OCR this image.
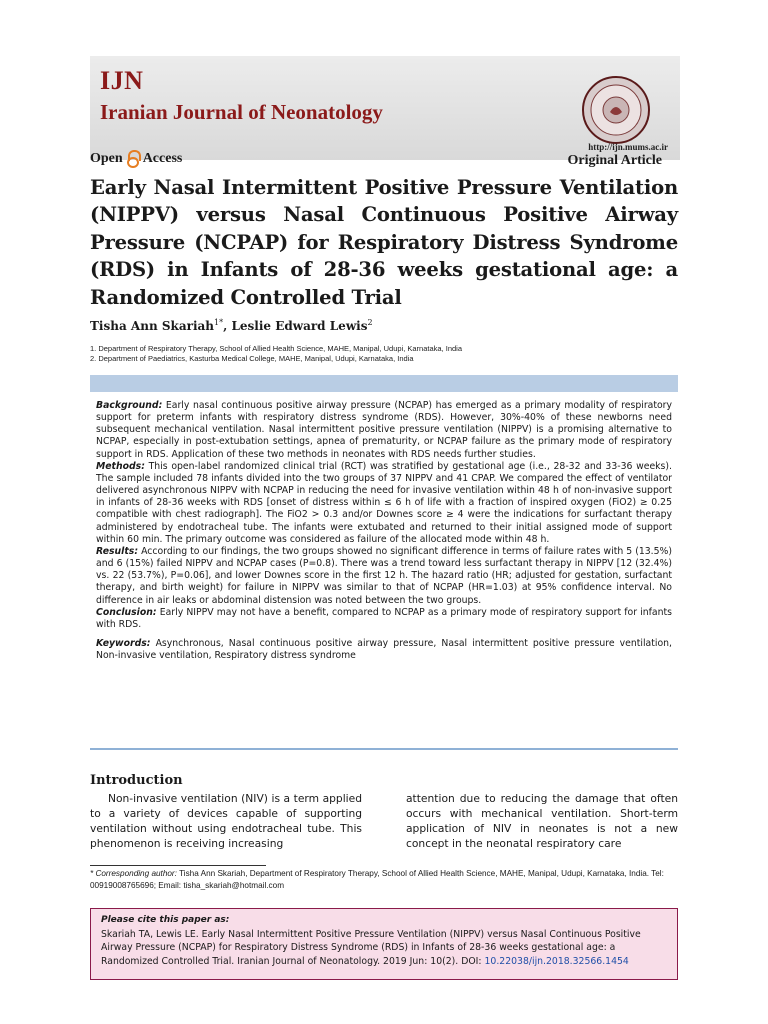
IJN
Iranian Journal of Neonatology
http://ijn.mums.ac.ir
Open Access	Original Article
Early Nasal Intermittent Positive Pressure Ventilation (NIPPV) versus Nasal Continuous Positive Airway Pressure (NCPAP) for Respiratory Distress Syndrome (RDS) in Infants of 28-36 weeks gestational age: a Randomized Controlled Trial
Tisha Ann Skariah$^{1*}$, Leslie Edward Lewis$^2$
1. Department of Respiratory Therapy, School of Allied Health Science, MAHE, Manipal, Udupi, Karnataka, India
2. Department of Paediatrics, Kasturba Medical College, MAHE, Manipal, Udupi, Karnataka, India

Background: Early nasal continuous positive airway pressure (NCPAP) has emerged as a primary modality of respiratory support for preterm infants with respiratory distress syndrome (RDS). However, 30%-40% of these newborns need subsequent mechanical ventilation. Nasal intermittent positive pressure ventilation (NIPPV) is a promising alternative to NCPAP, especially in post-extubation settings, apnea of prematurity, or NCPAP failure as the primary mode of respiratory support in RDS. Application of these two methods in neonates with RDS needs further studies.

Methods: This open-label randomized clinical trial (RCT) was stratified by gestational age (i.e., 28-32 and 33-36 weeks). The sample included 78 infants divided into the two groups of 37 NIPPV and 41 CPAP. We compared the effect of ventilator delivered asynchronous NIPPV with NCPAP in reducing the need for invasive ventilation within 48 h of non-invasive support in infants of 28-36 weeks with RDS [onset of distress within ≤ 6 h of life with a fraction of inspired oxygen (FiO2) ≥ 0.25 compatible with chest radiograph]. The FiO2 > 0.3 and/or Downes score ≥ 4 were the indications for surfactant therapy administered by endotracheal tube. The infants were extubated and returned to their initial assigned mode of support within 60 min. The primary outcome was considered as failure of the allocated mode within 48 h.

Results: According to our findings, the two groups showed no significant difference in terms of failure rates with 5 (13.5%) and 6 (15%) failed NIPPV and NCPAP cases (P=0.8). There was a trend toward less surfactant therapy in NIPPV [12 (32.4%) vs. 22 (53.7%), P=0.06], and lower Downes score in the first 12 h. The hazard ratio (HR; adjusted for gestation, surfactant therapy, and birth weight) for failure in NIPPV was similar to that of NCPAP (HR=1.03) at 95% confidence interval. No difference in air leaks or abdominal distension was noted between the two groups.

Conclusion: Early NIPPV may not have a benefit, compared to NCPAP as a primary mode of respiratory support for infants with RDS.

Keywords: Asynchronous, Nasal continuous positive airway pressure, Nasal intermittent positive pressure ventilation, Non-invasive ventilation, Respiratory distress syndrome

Introduction

Non-invasive ventilation (NIV) is a term applied to a variety of devices capable of supporting ventilation without using endotracheal tube. This phenomenon is receiving increasing

attention due to reducing the damage that often occurs with mechanical ventilation. Short-term application of NIV in neonates is not a new concept in the neonatal respiratory care

* Corresponding author: Tisha Ann Skariah, Department of Respiratory Therapy, School of Allied Health Science, MAHE, Manipal, Udupi, Karnataka, India. Tel: 00919008765696; Email: tisha_skariah@hotmail.com
Please cite this paper as:
Skariah TA, Lewis LE. Early Nasal Intermittent Positive Pressure Ventilation (NIPPV) versus Nasal Continuous Positive Airway Pressure (NCPAP) for Respiratory Distress Syndrome (RDS) in Infants of 28-36 weeks gestational age: a Randomized Controlled Trial. Iranian Journal of Neonatology. 2019 Jun: 10(2). DOI: 10.22038/ijn.2018.32566.1454
